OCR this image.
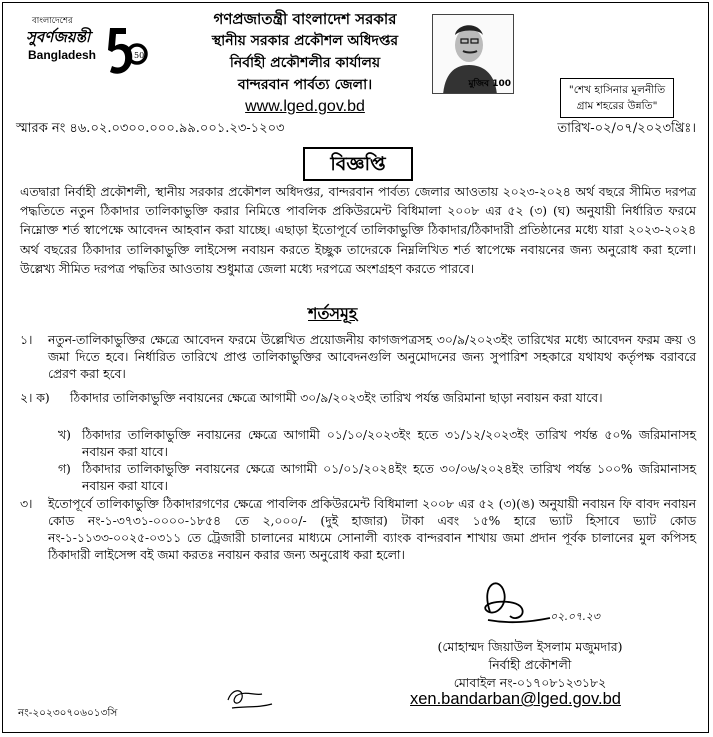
বাংলাদেশের
সুবর্ণজয়ন্তী
Bangladesh	50
গণপ্রজাতন্ত্রী বাংলাদেশ সরকার
স্থানীয় সরকার প্রকৌশল অধিদপ্তর
নির্বাহী প্রকৌশলীর কার্যালয়
বান্দরবান পার্বত্য জেলা।
www.lged.gov.bd
মুজিব 100	"শেখ হাসিনার মূলনীতি
গ্রাম শহরের উন্নতি"
স্মারক নং ৪৬.০২.০৩০০.০০০.৯৯.০০১.২৩-১২০৩	তারিখ-০২/০৭/২০২৩খ্রিঃ।
বিজ্ঞপ্তি
এতদ্বারা নির্বাহী প্রকৌশলী, স্থানীয় সরকার প্রকৌশল অধিদপ্তর, বান্দরবান পার্বত্য জেলার আওতায় ২০২৩-২০২৪ অর্থ বছরে সীমিত দরপত্র পদ্ধতিতে নতুন ঠিকাদার তালিকাভুক্তি করার নিমিত্তে পাবলিক প্রকিউরমেন্ট বিধিমালা ২০০৮ এর ৫২ (৩) (ঘ) অনুযায়ী নির্ধারিত ফরমে নিম্নোক্ত শর্ত স্বাপেক্ষে আবেদন আহবান করা যাচ্ছে। এছাড়া ইতোপূর্বে তালিকাভুক্তি ঠিকাদার/ঠিকাদারী প্রতিষ্ঠানের মধ্যে যারা ২০২৩-২০২৪ অর্থ বছরের ঠিকাদার তালিকাভুক্তি লাইসেন্স নবায়ন করতে ইচ্ছুক তাদেরকে নিম্নলিখিত শর্ত স্বাপেক্ষে নবায়নের জন্য অনুরোধ করা হলো। উল্লেখ্য সীমিত দরপত্র পদ্ধতির আওতায় শুধুমাত্র জেলা মধ্যে দরপত্রে অংশগ্রহণ করতে পারবে।
শর্তসমূহ
১। নতুন-তালিকাভুক্তির ক্ষেত্রে আবেদন ফরমে উল্লেখিত প্রয়োজনীয় কাগজপত্রসহ ৩০/৯/২০২৩ইং তারিখের মধ্যে আবেদন ফরম ক্রয় ও জমা দিতে হবে। নির্ধারিত তারিখে প্রাপ্ত তালিকাভুক্তির আবেদনগুলি অনুমোদনের জন্য সুপারিশ সহকারে যথাযথ কর্তৃপক্ষ বরাবরে প্রেরণ করা হবে।
২। ক) ঠিকাদার তালিকাভুক্তি নবায়নের ক্ষেত্রে আগামী ৩০/৯/২০২৩ইং তারিখ পর্যন্ত জরিমানা ছাড়া নবায়ন করা যাবে।
খ) ঠিকাদার তালিকাভুক্তি নবায়নের ক্ষেত্রে আগামী ০১/১০/২০২৩ইং হতে ৩১/১২/২০২৩ইং তারিখ পর্যন্ত ৫০% জরিমানাসহ নবায়ন করা যাবে।
গ) ঠিকাদার তালিকাভুক্তি নবায়নের ক্ষেত্রে আগামী ০১/০১/২০২৪ইং হতে ৩০/০৬/২০২৪ইং তারিখ পর্যন্ত ১০০% জরিমানাসহ নবায়ন করা যাবে।
৩। ইতোপূর্বে তালিকাভুক্তি ঠিকাদারগণের ক্ষেত্রে পাবলিক প্রকিউরমেন্ট বিধিমালা ২০০৮ এর ৫২ (৩)(ঙ) অনুযায়ী নবায়ন ফি বাবদ নবায়ন কোড নং-১-৩৭৩১-০০০০-১৮৫৪ তে ২,০০০/- (দুই হাজার) টাকা এবং ১৫% হারে ভ্যাট হিসাবে ভ্যাট কোড নং-১-১১৩৩-০০২৫-০৩১১ তে ট্রেজারী চালানের মাধ্যমে সোনালী ব্যাংক বান্দরবান শাখায় জমা প্রদান পূর্বক চালানের মুল কপিসহ ঠিকাদারী লাইসেন্স বই জমা করতঃ নবায়ন করার জন্য অনুরোধ করা হলো।
০২.০৭.২৩
(মোহাম্মদ জিয়াউল ইসলাম মজুমদার)
নির্বাহী প্রকৌশলী
মোবাইল নং-০১৭০৮১২৩১৮২
xen.bandarban@lged.gov.bd
নং-২০২৩০৭০৬০১৩সি
